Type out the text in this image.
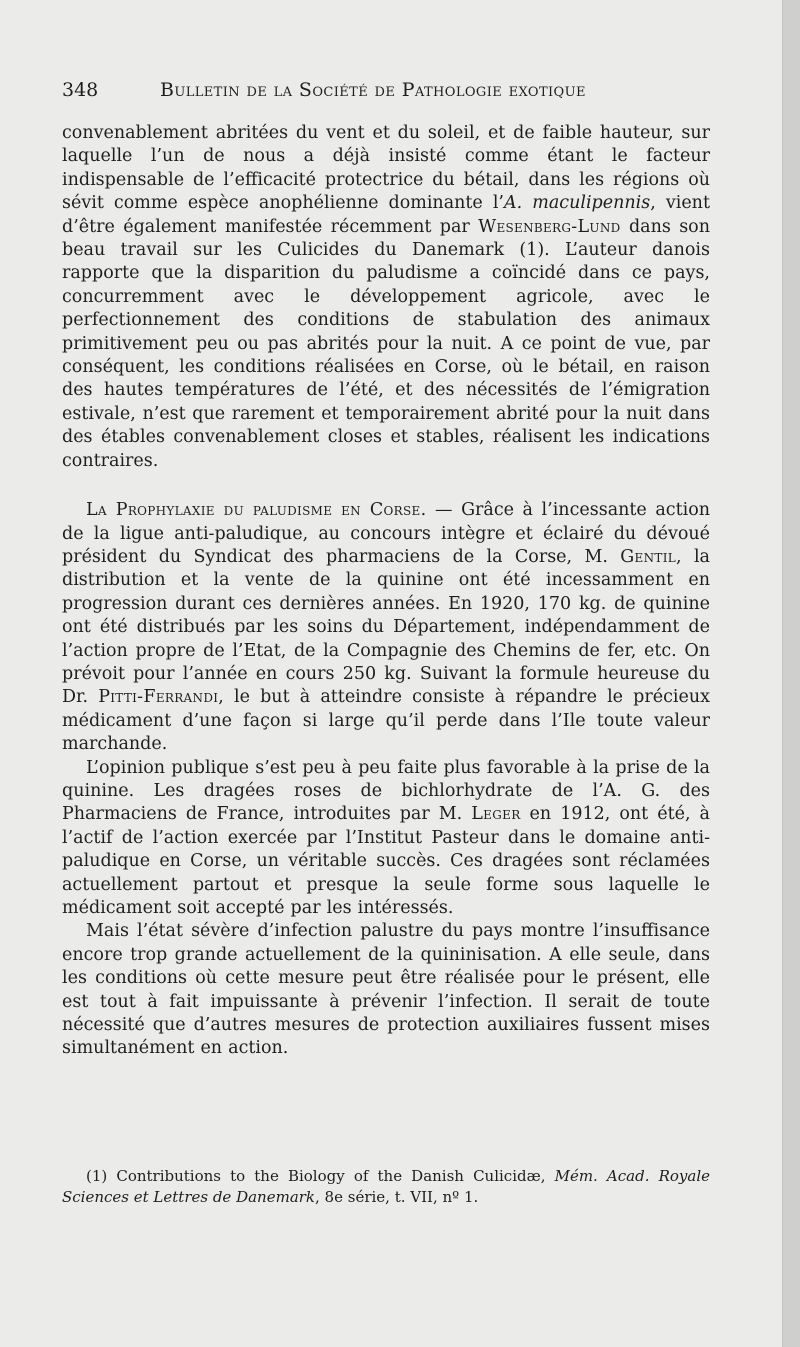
348	Bulletin de la Société de Pathologie exotique

convenablement abritées du vent et du soleil, et de faible hauteur, sur laquelle l’un de nous a déjà insisté comme étant le facteur indispensable de l’efficacité protectrice du bétail, dans les régions où sévit comme espèce anophélienne dominante l’A. maculipennis, vient d’être également manifestée récemment par Wesenberg-Lund dans son beau travail sur les Culicides du Danemark (1). L’auteur danois rapporte que la disparition du paludisme a coïncidé dans ce pays, concurremment avec le développement agricole, avec le perfectionnement des conditions de stabulation des animaux primitivement peu ou pas abrités pour la nuit. A ce point de vue, par conséquent, les conditions réalisées en Corse, où le bétail, en raison des hautes températures de l’été, et des nécessités de l’émigration estivale, n’est que rarement et temporairement abrité pour la nuit dans des étables convenablement closes et stables, réalisent les indications contraires.

La Prophylaxie du paludisme en Corse. — Grâce à l’incessante action de la ligue anti-paludique, au concours intègre et éclairé du dévoué président du Syndicat des pharmaciens de la Corse, M. Gentil, la distribution et la vente de la quinine ont été incessamment en progression durant ces dernières années. En 1920, 170 kg. de quinine ont été distribués par les soins du Département, indépendamment de l’action propre de l’Etat, de la Compagnie des Chemins de fer, etc. On prévoit pour l’année en cours 250 kg. Suivant la formule heureuse du Dr. Pitti-Ferrandi, le but à atteindre consiste à répandre le précieux médicament d’une façon si large qu’il perde dans l’Ile toute valeur marchande.

L’opinion publique s’est peu à peu faite plus favorable à la prise de la quinine. Les dragées roses de bichlorhydrate de l’A. G. des Pharmaciens de France, introduites par M. Leger en 1912, ont été, à l’actif de l’action exercée par l’Institut Pasteur dans le domaine anti-paludique en Corse, un véritable succès. Ces dragées sont réclamées actuellement partout et presque la seule forme sous laquelle le médicament soit accepté par les intéressés.

Mais l’état sévère d’infection palustre du pays montre l’insuffisance encore trop grande actuellement de la quininisation. A elle seule, dans les conditions où cette mesure peut être réalisée pour le présent, elle est tout à fait impuissante à prévenir l’infection. Il serait de toute nécessité que d’autres mesures de protection auxiliaires fussent mises simultanément en action.

(1) Contributions to the Biology of the Danish Culicidæ, Mém. Acad. Royale Sciences et Lettres de Danemark, 8e série, t. VII, nº 1.
